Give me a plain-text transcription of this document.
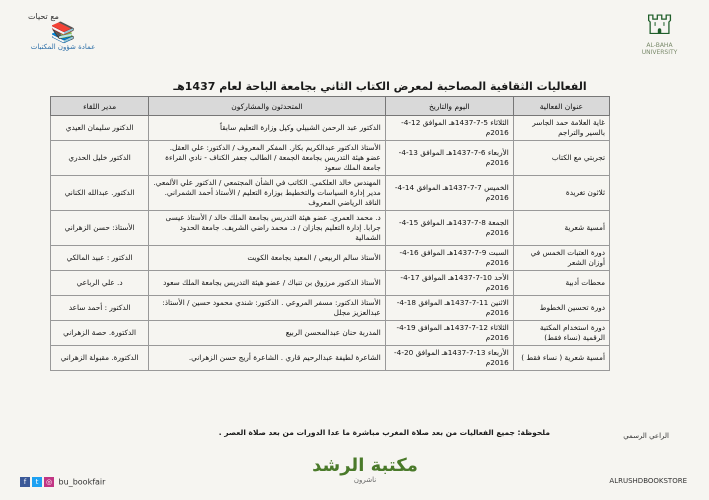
مع تحيات
📚
عمادة شؤون المكتبات
⛫
AL-BAHA UNIVERSITY
الفعاليات الثقافية المصاحبة لمعرض الكتاب الثاني بجامعة الباحة لعام 1437هـ
عنوان الفعالية	اليوم والتاريخ	المتحدثون والمشاركون	مدير اللقاء
غاية العلامة حمد الجاسر بالسير والتراجم	الثلاثاء 5-7-1437هـ الموافق 12-4-2016م	الدكتور عبد الرحمن الشبيلي وكيل وزارة التعليم سابقاً	الدكتور سليمان العيدي
تجربتي مع الكتاب	الأربعاء 6-7-1437هـ الموافق 13-4-2016م	الأستاذ الدكتور عبدالكريم بكار. المفكر المعروف / الدكتور: علي العقل. عضو هيئة التدريس بجامعة الجمعة / الطالب جعفر الكناف - نادي القراءة جامعة الملك سعود	الدكتور خليل الحدري
ثلاثون تغريدة	الخميس 7-7-1437هـ الموافق 14-4-2016م	المهندس خالد العلكمي. الكاتب في الشأن المجتمعي / الدكتور علي الألمعي. مدير إدارة السياسات والتخطيط بوزارة التعليم / الأستاذ أحمد الشمراني. الناقد الرياضي المعروف	الدكتور. عبدالله الكناني
أمسية شعرية	الجمعة 8-7-1437هـ الموافق 15-4-2016م	د. محمد العمري. عضو هيئة التدريس بجامعة الملك خالد / الأستاذ عيسى جرابا. إدارة التعليم بجازان / د. محمد راضي الشريف. جامعة الحدود الشمالية	الأستاذ: حسن الزهراني
دورة العتبات الخمس في أوزان الشعر	السبت 9-7-1437هـ الموافق 16-4-2016م	الأستاذ سالم الربيعي / المعيد بجامعة الكويت	الدكتور : عبيد المالكي
محطات أدبية	الأحد 10-7-1437هـ الموافق 17-4-2016م	الأستاذ الدكتور مرزوق بن تنباك / عضو هيئة التدريس بجامعة الملك سعود	د. علي الرباعي
دورة تحسين الخطوط	الاثنين 11-7-1437هـ الموافق 18-4-2016م	الأستاذ الدكتور: مسفر المروعي . الدكتور: شندي محمود حسين / الأستاذ: عبدالعزيز مجلل	الدكتور : أحمد ساعد
دورة استخدام المكتبة الرقمية (نساء فقط)	الثلاثاء 12-7-1437هـ الموافق 19-4-2016م	المدربة حنان عبدالمحسن الربيع	الدكتورة. حصة الزهراني
أمسية شعرية ( نساء فقط )	الأربعاء 13-7-1437هـ الموافق 20-4-2016م	الشاعرة لطيفة عبدالرحيم قاري . الشاعرة أريج حسن الزهراني.	الدكتورة. مقبولة الزهراني
الراعي الرسمي
ملحوظة: جميع الفعاليات من بعد صلاة المغرب مباشرة ما عدا الدورات من بعد صلاة العصر .
f t ◎ bu_bookfair
مكتبة الرشد
ناشرون	ALRUSHDBOOKSTORE
